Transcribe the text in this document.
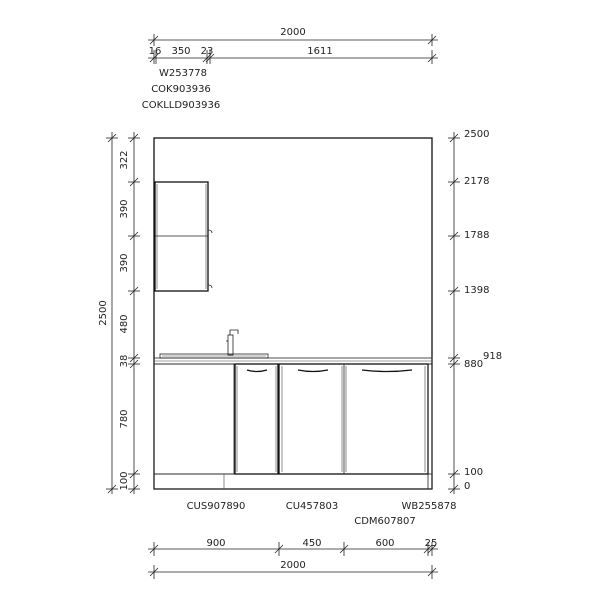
2000
16 350 23	1611
W253778
COK903936
COKLLD903936
2500
322
390
390
480
38
780
100
2500
2178
1788
1398
880
918
100
0
CUS907890	CU457803	WB255878
CDM607807
900	450	600	25
2000
